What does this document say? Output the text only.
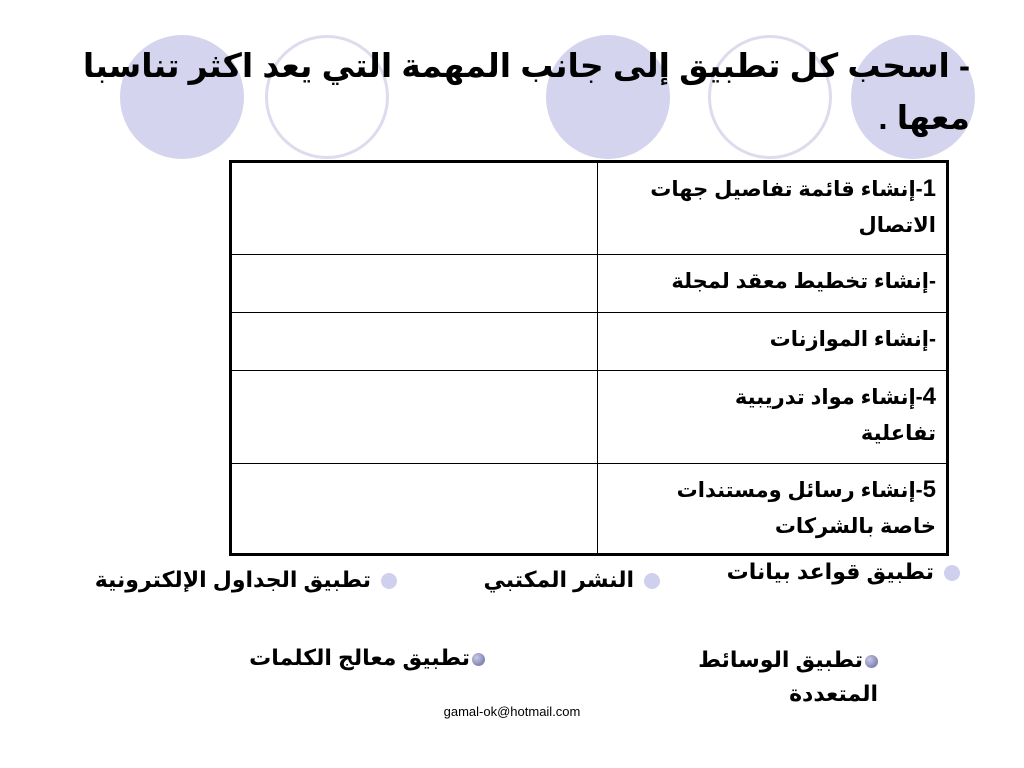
- اسحب كل تطبيق إلى جانب المهمة التي يعد اكثر تناسبا
معها .
1-إنشاء قائمة تفاصيل جهات
الاتصال	
-إنشاء تخطيط معقد لمجلة	
-إنشاء الموازنات	
4-إنشاء مواد تدريبية
تفاعلية	
5-إنشاء رسائل ومستندات
خاصة بالشركات	
تطبيق قواعد بيانات
النشر المكتبي
تطبيق الجداول الإلكترونية
تطبيق الوسائط
المتعددة
تطبيق معالج الكلمات
gamal-ok@hotmail.com
